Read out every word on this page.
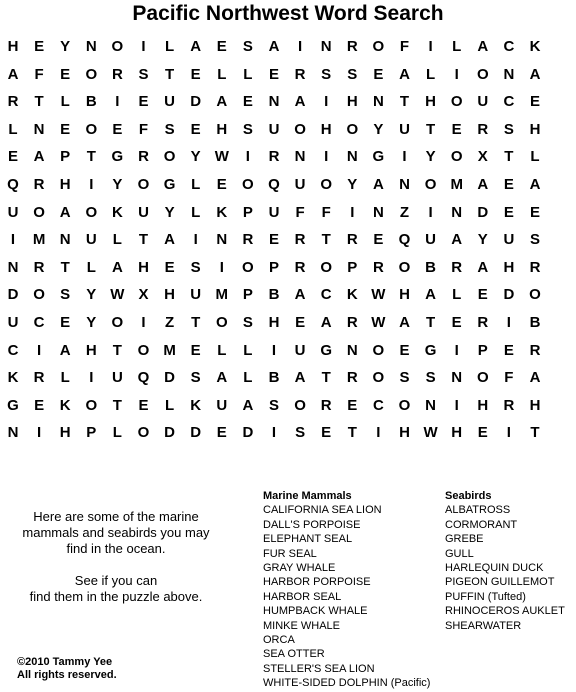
Pacific Northwest Word Search
H	E	Y	N O	I	L	A	E	S	A	I	N	R O	F	I	L	A	C	K
A	F	E	O R	S	T	E	L	L	E	R	S	S	E	A	L	I	O N	A
R	T	L	B	I	E	U	D	A	E	N	A	I	H	N	T	H O U	C	E
L	N	E	O	E	F	S	E	H	S	U O H O	Y	U	T	E	R	S	H
E	A	P	T	G R O	Y W	I	R	N	I	N G	I	Y	O	X	T	L
Q R	H	I	Y	O G	L	E	O Q U O	Y	A	N O M A	E	A
U O A O K	U	Y	L	K	P	U	F	F	I	N	Z	I	N	D	E	E
I	M N	U	L	T	A	I	N	R	E	R	T	R	E	Q U	A	Y	U	S
N	R	T	L	A	H	E	S	I	O	P	R O	P	R O B	R	A	H	R
D O	S	Y W X	H	U M P	B	A	C	K W H	A	L	E	D O
U	C	E	Y	O	I	Z	T	O	S	H	E	A	R W A	T	E	R	I	B
C	I	A	H	T	O M E	L	L	I	U G N O	E	G	I	P	E	R
K	R	L	I	U Q D	S	A	L	B	A	T	R O	S	S	N O	F	A
G	E	K O	T	E	L	K	U	A	S	O R	E	C O N	I	H	R	H
N	I	H	P	L	O D	D	E	D	I	S	E	T	I	H W H	E	I	T

Here are some of the marine
mammals and seabirds you may
find in the ocean.

See if you can
find them in the puzzle above.

©2010 Tammy Yee
All rights reserved.
Marine Mammals
CALIFORNIA SEA LION
DALL'S PORPOISE
ELEPHANT SEAL
FUR SEAL
GRAY WHALE
HARBOR PORPOISE
HARBOR SEAL
HUMPBACK WHALE
MINKE WHALE
ORCA
SEA OTTER
STELLER'S SEA LION
WHITE-SIDED DOLPHIN (Pacific)
Seabirds
ALBATROSS
CORMORANT
GREBE
GULL
HARLEQUIN DUCK
PIGEON GUILLEMOT
PUFFIN (Tufted)
RHINOCEROS AUKLET
SHEARWATER
